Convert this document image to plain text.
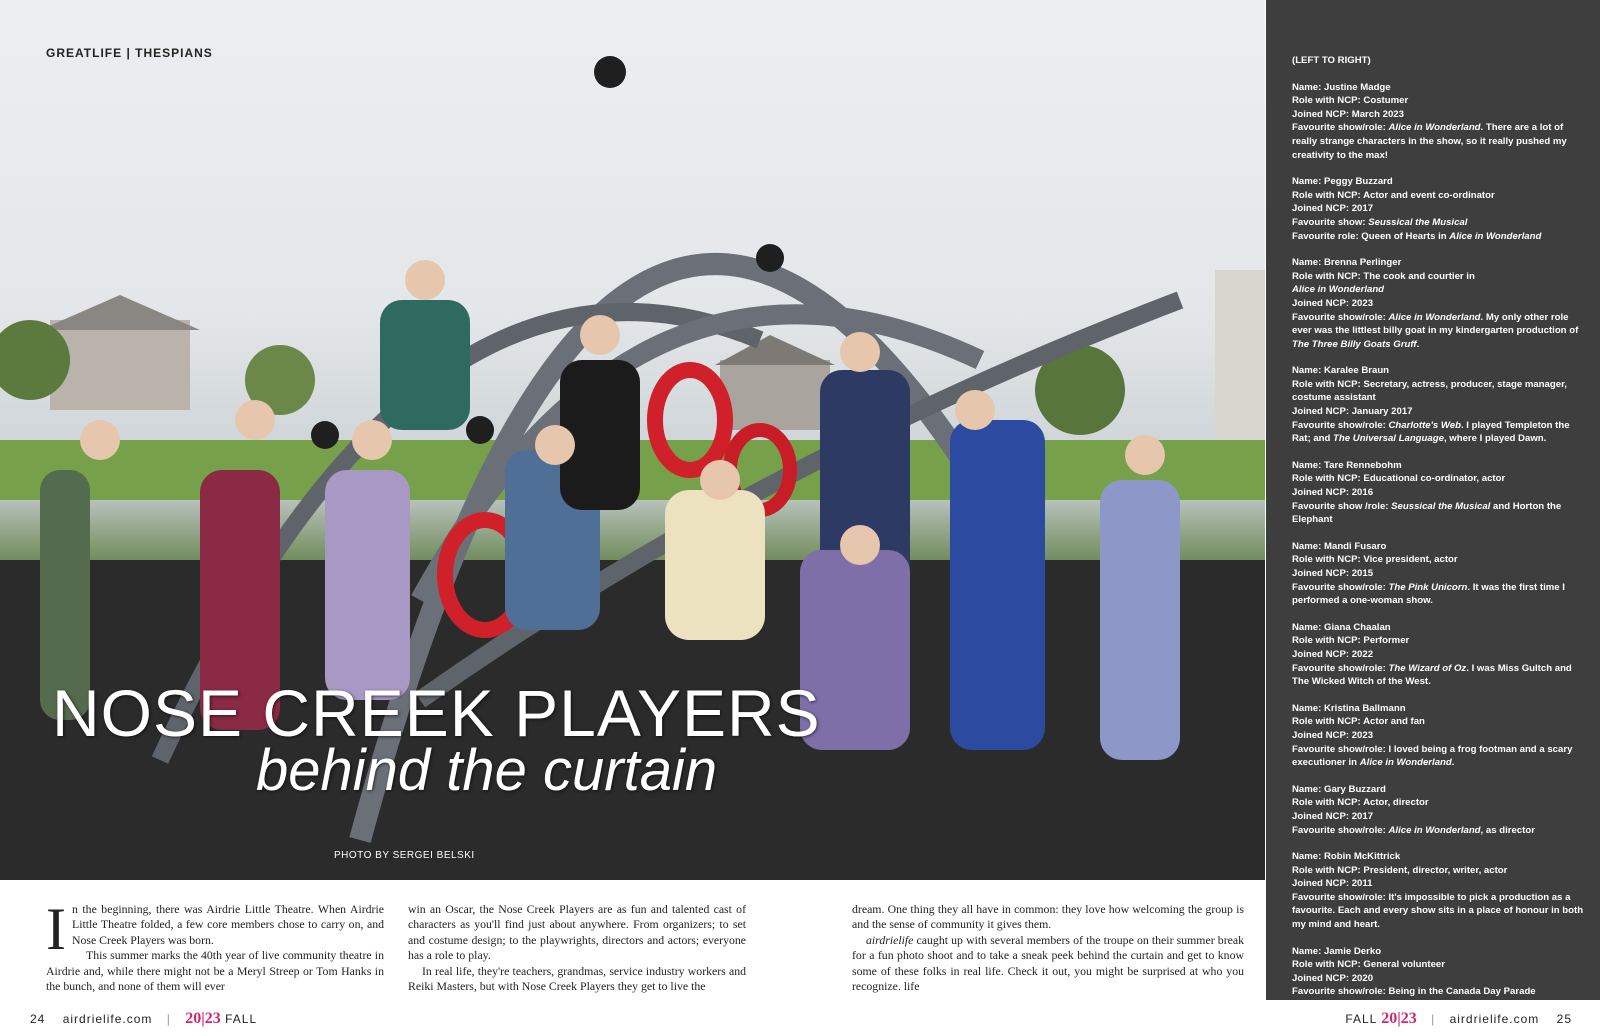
GREATLIFE | THESPIANS
NOSE CREEK PLAYERS
behind the curtain
PHOTO BY SERGEI BELSKI

In the beginning, there was Airdrie Little Theatre. When Airdrie Little Theatre folded, a few core members chose to carry on, and Nose Creek Players was born.

This summer marks the 40th year of live community theatre in Airdrie and, while there might not be a Meryl Streep or Tom Hanks in the bunch, and none of them will ever

win an Oscar, the Nose Creek Players are as fun and talented cast of characters as you'll find just about anywhere. From organizers; to set and costume design; to the playwrights, directors and actors; everyone has a role to play.

In real life, they're teachers, grandmas, service industry workers and Reiki Masters, but with Nose Creek Players they get to live the

dream. One thing they all have in common: they love how welcoming the group is and the sense of community it gives them.

airdrielife caught up with several members of the troupe on their summer break for a fun photo shoot and to take a sneak peek behind the curtain and get to know some of these folks in real life. Check it out, you might be surprised at who you recognize. life

(LEFT TO RIGHT)

Name: Justine Madge

Role with NCP: Costumer

Joined NCP: March 2023

Favourite show/role: Alice in Wonderland. There are a lot of really strange characters in the show, so it really pushed my creativity to the max!

Name: Peggy Buzzard

Role with NCP: Actor and event co-ordinator

Joined NCP: 2017

Favourite show: Seussical the Musical

Favourite role: Queen of Hearts in Alice in Wonderland

Name: Brenna Perlinger

Role with NCP: The cook and courtier in

Alice in Wonderland

Joined NCP: 2023

Favourite show/role: Alice in Wonderland. My only other role ever was the littlest billy goat in my kindergarten production of The Three Billy Goats Gruff.

Name: Karalee Braun

Role with NCP: Secretary, actress, producer, stage manager, costume assistant

Joined NCP: January 2017

Favourite show/role: Charlotte's Web. I played Templeton the Rat; and The Universal Language, where I played Dawn.

Name: Tare Rennebohm

Role with NCP: Educational co-ordinator, actor

Joined NCP: 2016

Favourite show /role: Seussical the Musical and Horton the Elephant

Name: Mandi Fusaro

Role with NCP: Vice president, actor

Joined NCP: 2015

Favourite show/role: The Pink Unicorn. It was the first time I performed a one-woman show.

Name: Giana Chaalan

Role with NCP: Performer

Joined NCP: 2022

Favourite show/role: The Wizard of Oz. I was Miss Gultch and The Wicked Witch of the West.

Name: Kristina Ballmann

Role with NCP: Actor and fan

Joined NCP: 2023

Favourite show/role: I loved being a frog footman and a scary executioner in Alice in Wonderland.

Name: Gary Buzzard

Role with NCP: Actor, director

Joined NCP: 2017

Favourite show/role: Alice in Wonderland, as director

Name: Robin McKittrick

Role with NCP: President, director, writer, actor

Joined NCP: 2011

Favourite show/role: It's impossible to pick a production as a favourite. Each and every show sits in a place of honour in both my mind and heart.

Name: Jamie Derko

Role with NCP: General volunteer

Joined NCP: 2020

Favourite show/role: Being in the Canada Day Parade

24 airdrielife.com | 20|23 FALL	FALL 20|23 | airdrielife.com 25
